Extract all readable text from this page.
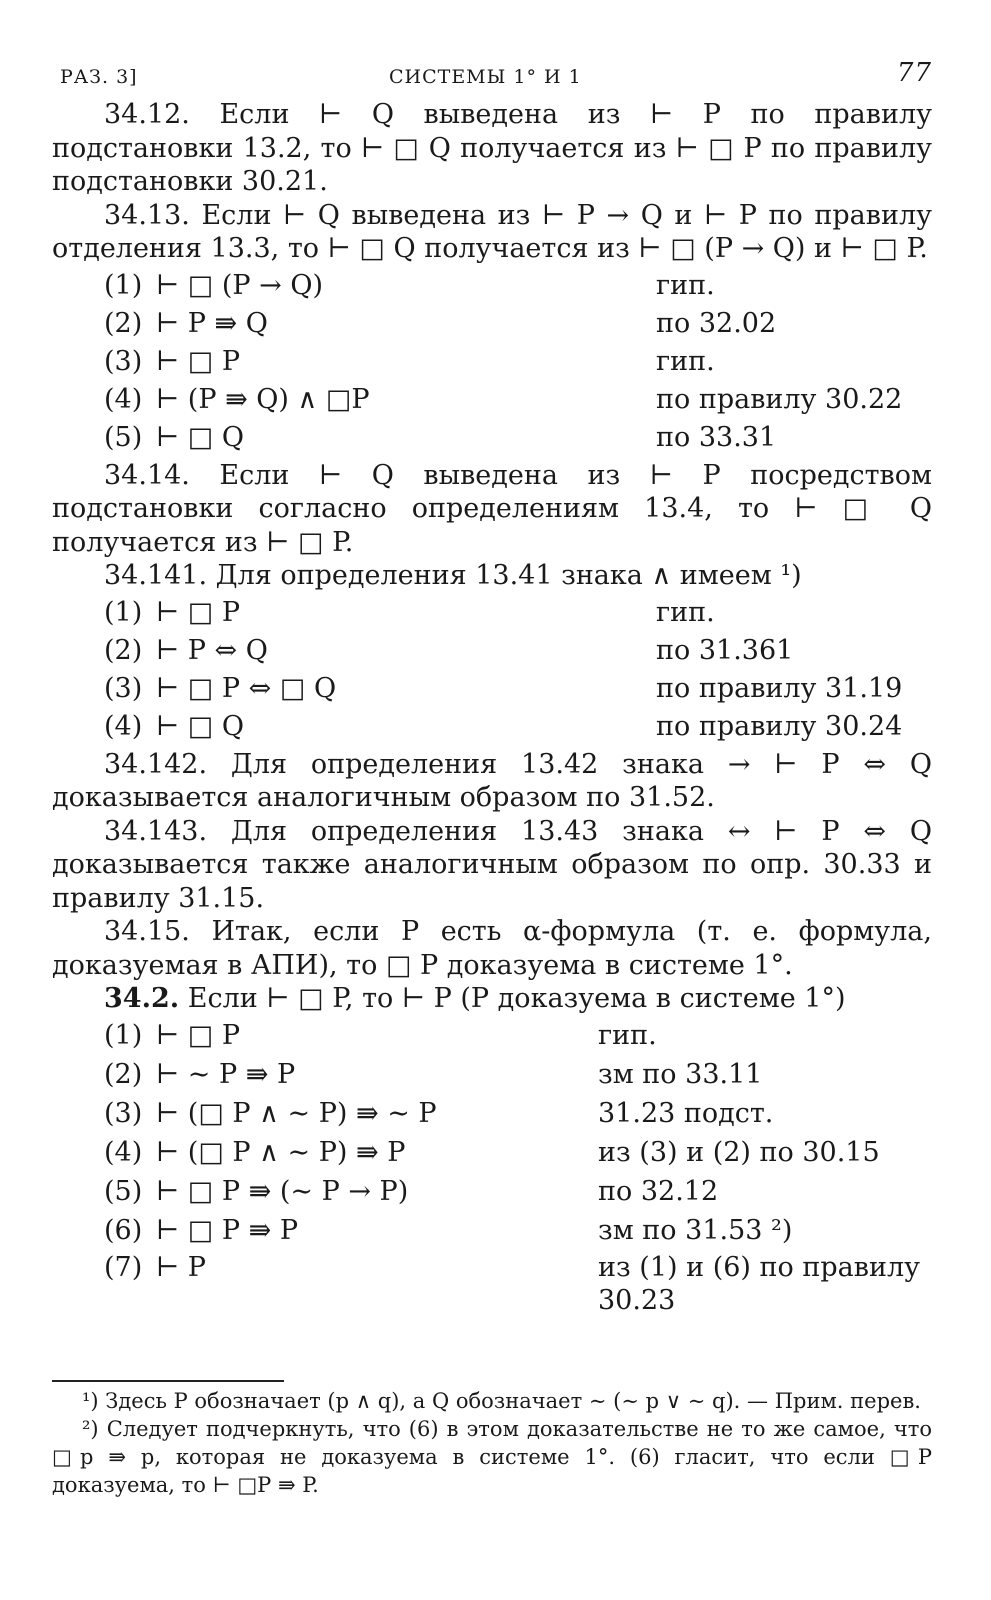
РАЗ. 3]	СИСТЕМЫ 1° И 1	77

34.12. Если ⊢ Q выведена из ⊢ P по правилу подстановки 13.2, то ⊢ □ Q получается из ⊢ □ P по правилу подстановки 30.21.

34.13. Если ⊢ Q выведена из ⊢ P → Q и ⊢ P по правилу отделения 13.3, то ⊢ □ Q получается из ⊢ □ (P → Q) и ⊢ □ P.

(1) ⊢ □ (P → Q)	гип.
(2) ⊢ P ⇛ Q	по 32.02
(3) ⊢ □ P	гип.
(4) ⊢ (P ⇛ Q) ∧ □P	по правилу 30.22
(5) ⊢ □ Q	по 33.31

34.14. Если ⊢ Q выведена из ⊢ P посредством подстановки согласно определениям 13.4, то ⊢ □ Q получается из ⊢ □ P.

34.141. Для определения 13.41 знака ∧ имеем ¹)

(1) ⊢ □ P	гип.
(2) ⊢ P ⇔ Q	по 31.361
(3) ⊢ □ P ⇔ □ Q	по правилу 31.19
(4) ⊢ □ Q	по правилу 30.24

34.142. Для определения 13.42 знака → ⊢ P ⇔ Q доказывается аналогичным образом по 31.52.

34.143. Для определения 13.43 знака ↔ ⊢ P ⇔ Q доказывается также аналогичным образом по опр. 30.33 и правилу 31.15.

34.15. Итак, если P есть α-формула (т. е. формула, доказуемая в АПИ), то □ P доказуема в системе 1°.

34.2. Если ⊢ □ P, то ⊢ P (P доказуема в системе 1°)

(1) ⊢ □ P	гип.
(2) ⊢ ∼ P ⇛ P	зм по 33.11
(3) ⊢ (□ P ∧ ∼ P) ⇛ ∼ P	31.23 подст.
(4) ⊢ (□ P ∧ ∼ P) ⇛ P	из (3) и (2) по 30.15
(5) ⊢ □ P ⇛ (∼ P → P)	по 32.12
(6) ⊢ □ P ⇛ P	зм по 31.53 ²)
(7) ⊢ P	из (1) и (6) по правилу 30.23

¹) Здесь P обозначает (p ∧ q), а Q обозначает ∼ (∼ p ∨ ∼ q). — Прим. перев.

²) Следует подчеркнуть, что (6) в этом доказательстве не то же самое, что □p ⇛ p, которая не доказуема в системе 1°. (6) гласит, что если □P доказуема, то ⊢ □P ⇛ P.
